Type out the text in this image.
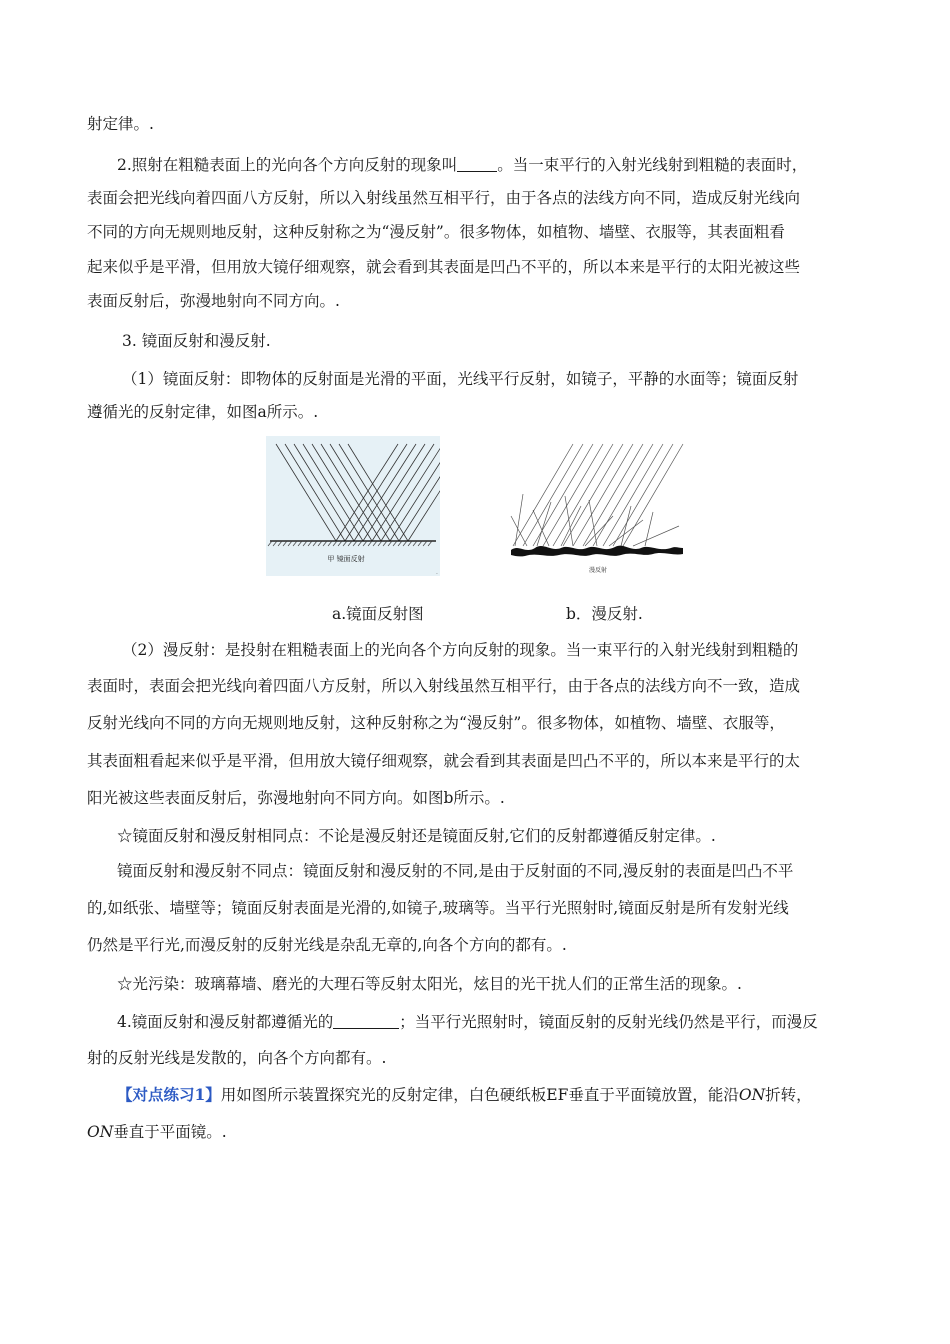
射定律。.
2.照射在粗糙表面上的光向各个方向反射的现象叫	。当一束平行的入射光线射到粗糙的表面时，
表面会把光线向着四面八方反射，所以入射线虽然互相平行，由于各点的法线方向不同，造成反射光线向
不同的方向无规则地反射，这种反射称之为“漫反射”。很多物体，如植物、墙壁、衣服等，其表面粗看
起来似乎是平滑，但用放大镜仔细观察，就会看到其表面是凹凸不平的，所以本来是平行的太阳光被这些
表面反射后，弥漫地射向不同方向。.
3. 镜面反射和漫反射.
（1）镜面反射：即物体的反射面是光滑的平面，光线平行反射，如镜子，平静的水面等；镜面反射
遵循光的反射定律，如图a所示。.
甲 镜面反射
.	漫反射
a.镜面反射图	b．漫反射.
（2）漫反射：是投射在粗糙表面上的光向各个方向反射的现象。当一束平行的入射光线射到粗糙的
表面时，表面会把光线向着四面八方反射，所以入射线虽然互相平行，由于各点的法线方向不一致，造成
反射光线向不同的方向无规则地反射，这种反射称之为“漫反射”。很多物体，如植物、墙壁、衣服等，
其表面粗看起来似乎是平滑，但用放大镜仔细观察，就会看到其表面是凹凸不平的，所以本来是平行的太
阳光被这些表面反射后，弥漫地射向不同方向。如图b所示。.
☆镜面反射和漫反射相同点：不论是漫反射还是镜面反射,它们的反射都遵循反射定律。.
镜面反射和漫反射不同点：镜面反射和漫反射的不同,是由于反射面的不同,漫反射的表面是凹凸不平
的,如纸张、墙壁等；镜面反射表面是光滑的,如镜子,玻璃等。当平行光照射时,镜面反射是所有发射光线
仍然是平行光,而漫反射的反射光线是杂乱无章的,向各个方向的都有。.
☆光污染：玻璃幕墙、磨光的大理石等反射太阳光，炫目的光干扰人们的正常生活的现象。.
4.镜面反射和漫反射都遵循光的	；当平行光照射时，镜面反射的反射光线仍然是平行，而漫反
射的反射光线是发散的，向各个方向都有。.
【对点练习1】用如图所示装置探究光的反射定律，白色硬纸板EF垂直于平面镜放置，能沿ON折转，
ON垂直于平面镜。.
